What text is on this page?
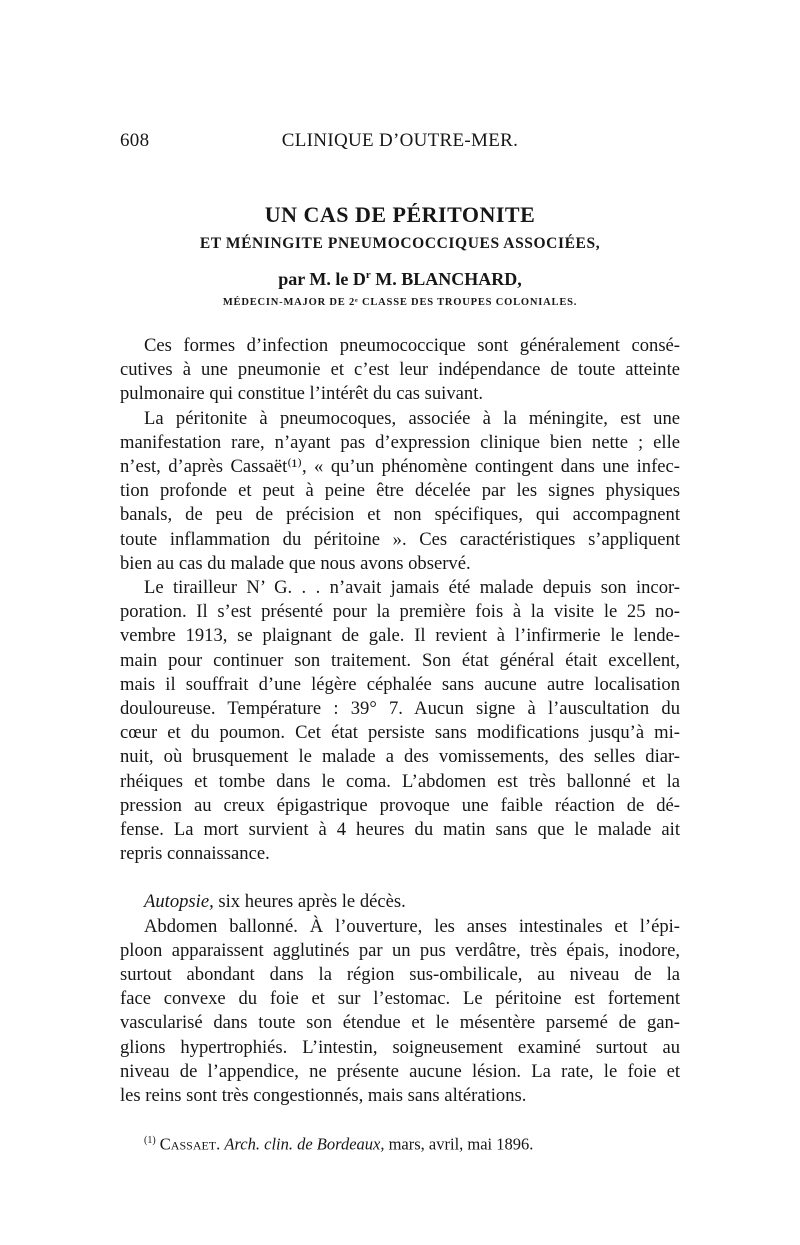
608	CLINIQUE D’OUTRE-MER.
UN CAS DE PÉRITONITE
ET MÉNINGITE PNEUMOCOCCIQUES ASSOCIÉES,
par M. le $D^r$ M. BLANCHARD,
MÉDECIN-MAJOR DE 2ᵉ CLASSE DES TROUPES COLONIALES.
Ces formes d’infection pneumococcique sont généralement consé-
cutives à une pneumonie et c’est leur indépendance de toute atteinte
pulmonaire qui constitue l’intérêt du cas suivant.
La péritonite à pneumocoques, associée à la méningite, est une
manifestation rare, n’ayant pas d’expression clinique bien nette ; elle
n’est, d’après Cassaët⁽¹⁾, « qu’un phénomène contingent dans une infec-
tion profonde et peut à peine être décelée par les signes physiques
banals, de peu de précision et non spécifiques, qui accompagnent
toute inflammation du péritoine ». Ces caractéristiques s’appliquent
bien au cas du malade que nous avons observé.
Le tirailleur N’ G. . . n’avait jamais été malade depuis son incor-
poration. Il s’est présenté pour la première fois à la visite le 25 no-
vembre 1913, se plaignant de gale. Il revient à l’infirmerie le lende-
main pour continuer son traitement. Son état général était excellent,
mais il souffrait d’une légère céphalée sans aucune autre localisation
douloureuse. Température : 39° 7. Aucun signe à l’auscultation du
cœur et du poumon. Cet état persiste sans modifications jusqu’à mi-
nuit, où brusquement le malade a des vomissements, des selles diar-
rhéiques et tombe dans le coma. L’abdomen est très ballonné et la
pression au creux épigastrique provoque une faible réaction de dé-
fense. La mort survient à 4 heures du matin sans que le malade ait
repris connaissance.
Autopsie, six heures après le décès.
Abdomen ballonné. À l’ouverture, les anses intestinales et l’épi-
ploon apparaissent agglutinés par un pus verdâtre, très épais, inodore,
surtout abondant dans la région sus-ombilicale, au niveau de la
face convexe du foie et sur l’estomac. Le péritoine est fortement
vascularisé dans toute son étendue et le mésentère parsemé de gan-
glions hypertrophiés. L’intestin, soigneusement examiné surtout au
niveau de l’appendice, ne présente aucune lésion. La rate, le foie et
les reins sont très congestionnés, mais sans altérations.
$^{(1)}$ Cassaet. Arch. clin. de Bordeaux, mars, avril, mai 1896.
